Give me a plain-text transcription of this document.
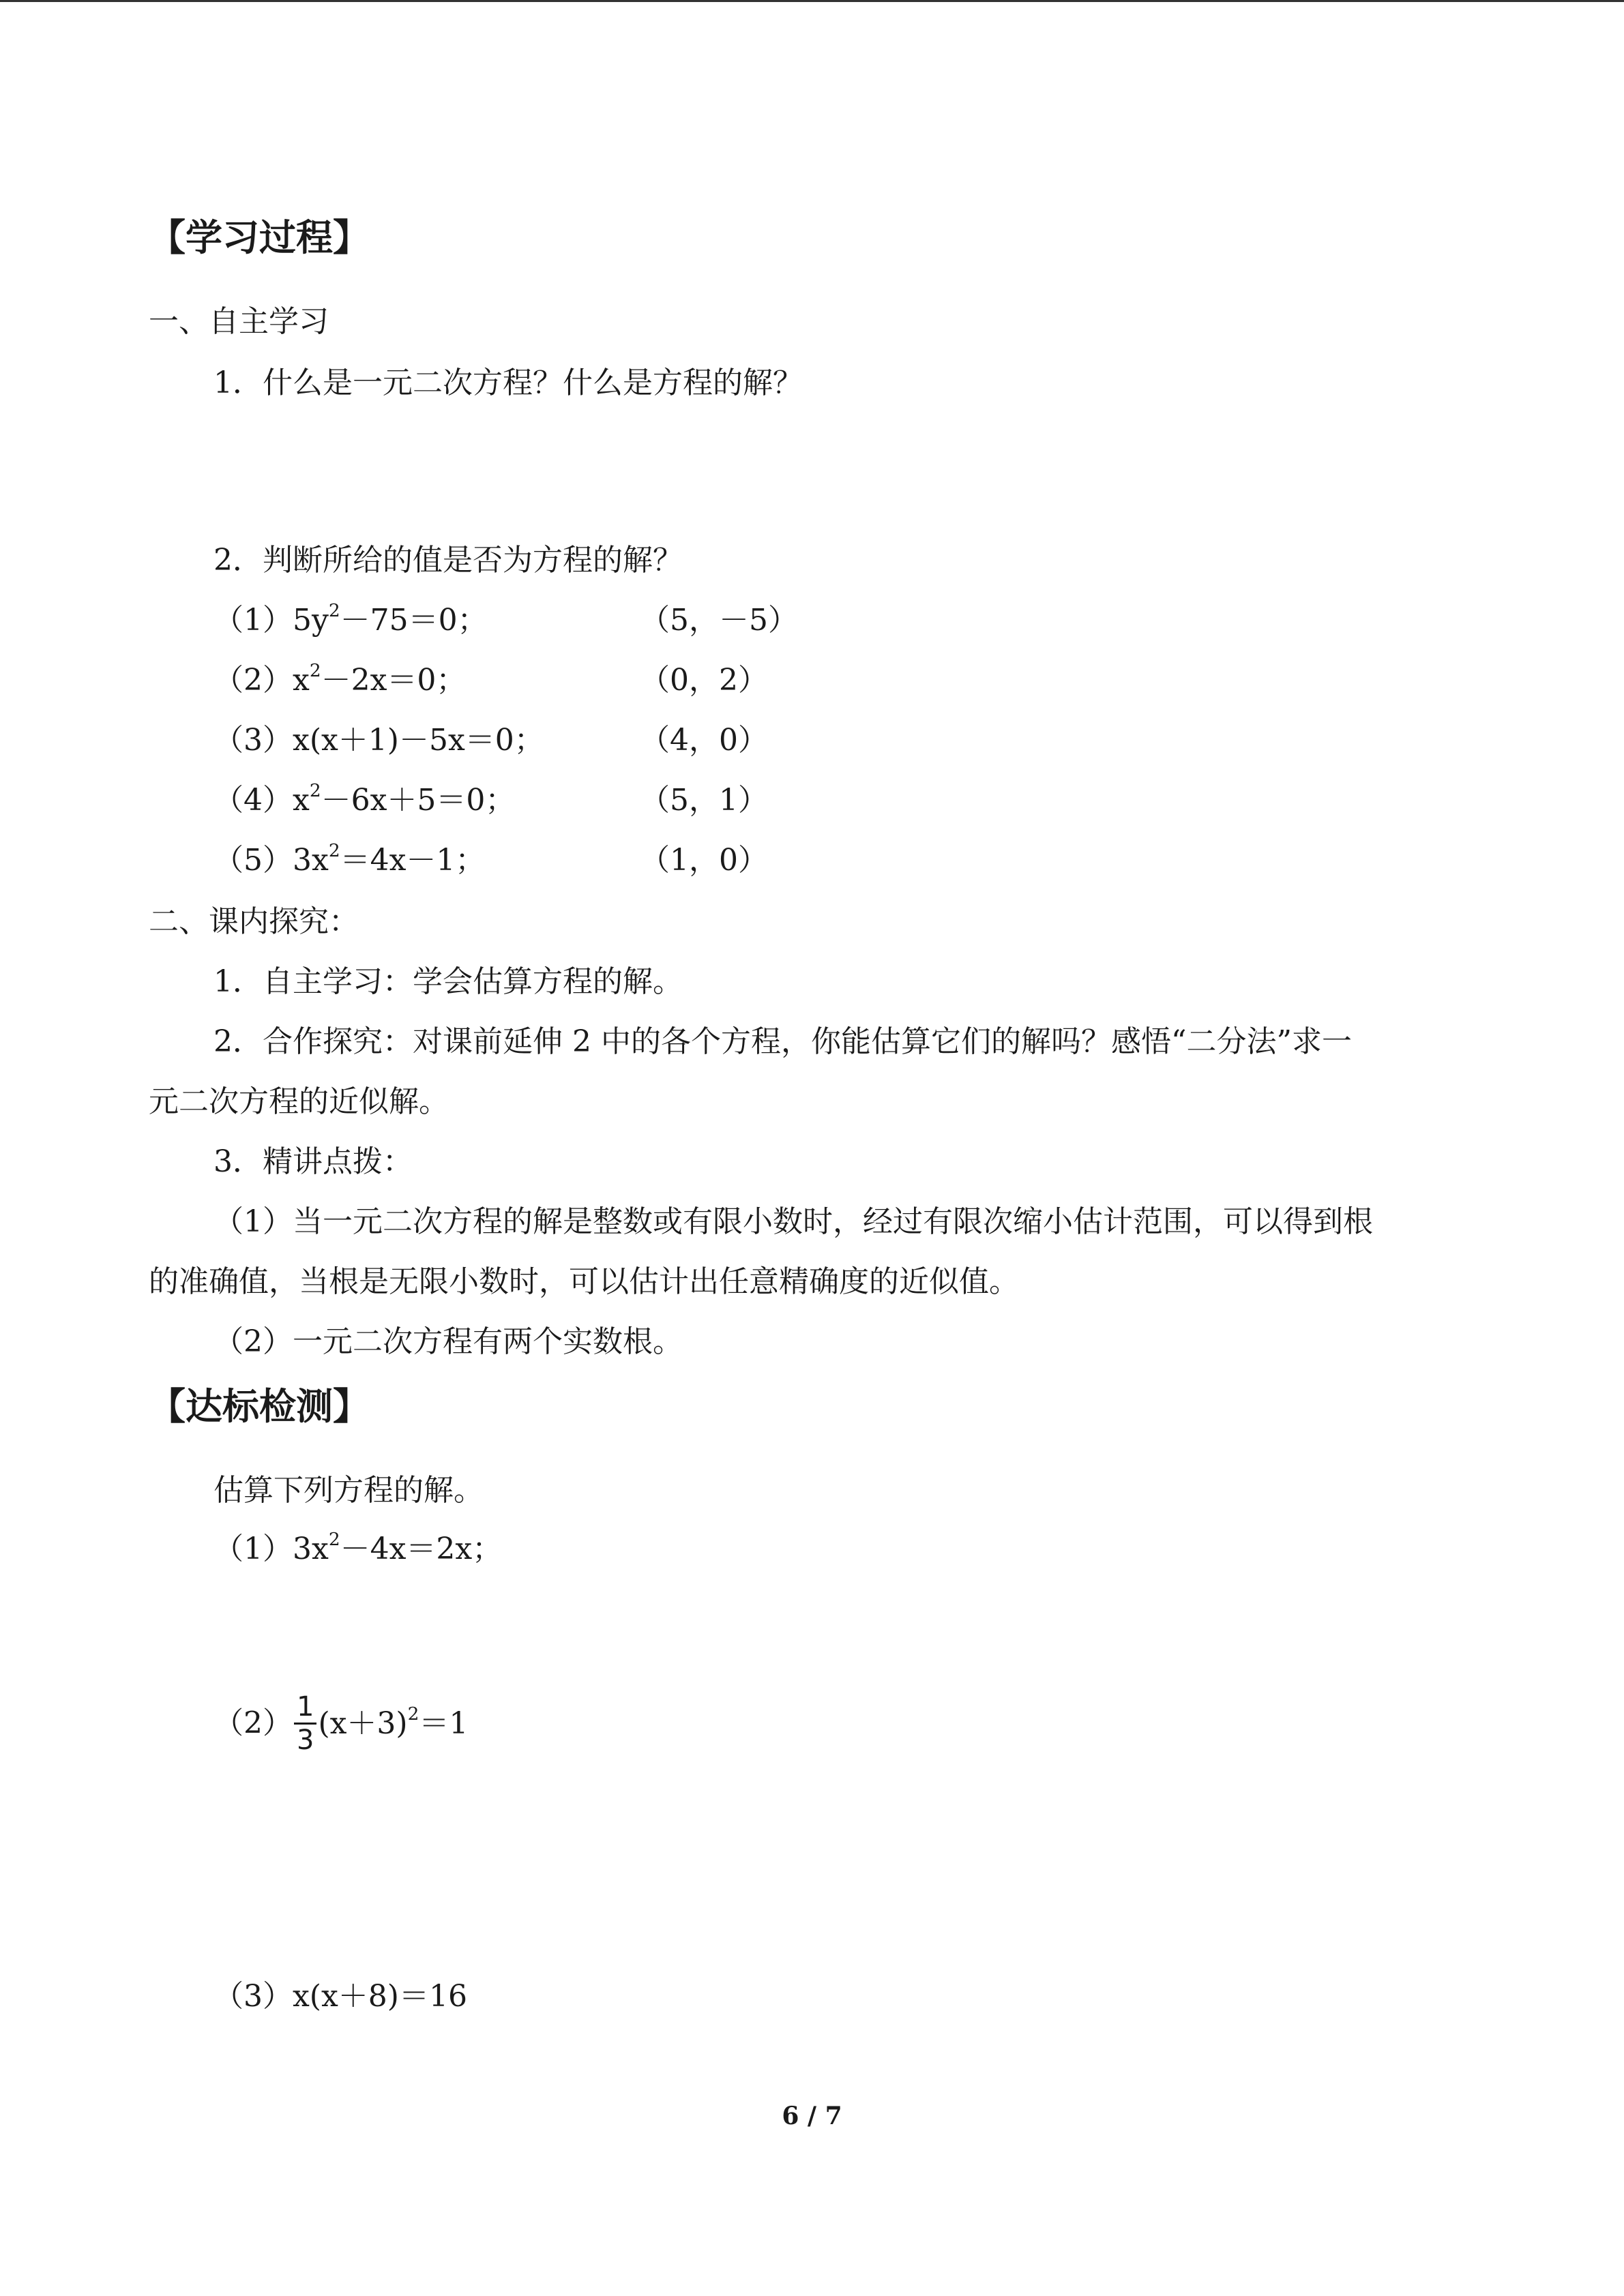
【学习过程】
一、自主学习
1．什么是一元二次方程？什么是方程的解？
2．判断所给的值是否为方程的解？
$(1)5y^2-75=0$；	（5，－5）
$(2)x^2-2x=0$；	（0，2）
（3）x(x＋1)－5x＝0；	（4，0）
$(4)x^2-6x+5=0$；	（5，1）
$(5)3x^2=4x-1$；	（1，0）
二、课内探究：
1．自主学习：学会估算方程的解。
2．合作探究：对课前延伸 2 中的各个方程，你能估算它们的解吗？感悟“二分法”求一
元二次方程的近似解。
3．精讲点拨：
（1）当一元二次方程的解是整数或有限小数时，经过有限次缩小估计范围，可以得到根
的准确值，当根是无限小数时，可以估计出任意精确度的近似值。
（2）一元二次方程有两个实数根。
【达标检测】
估算下列方程的解。
$(1)3x^2-4x=2x$；
$(2) \frac{1}{3} (x+3)^2=1$
（3）x(x＋8)＝16
6 / 7
